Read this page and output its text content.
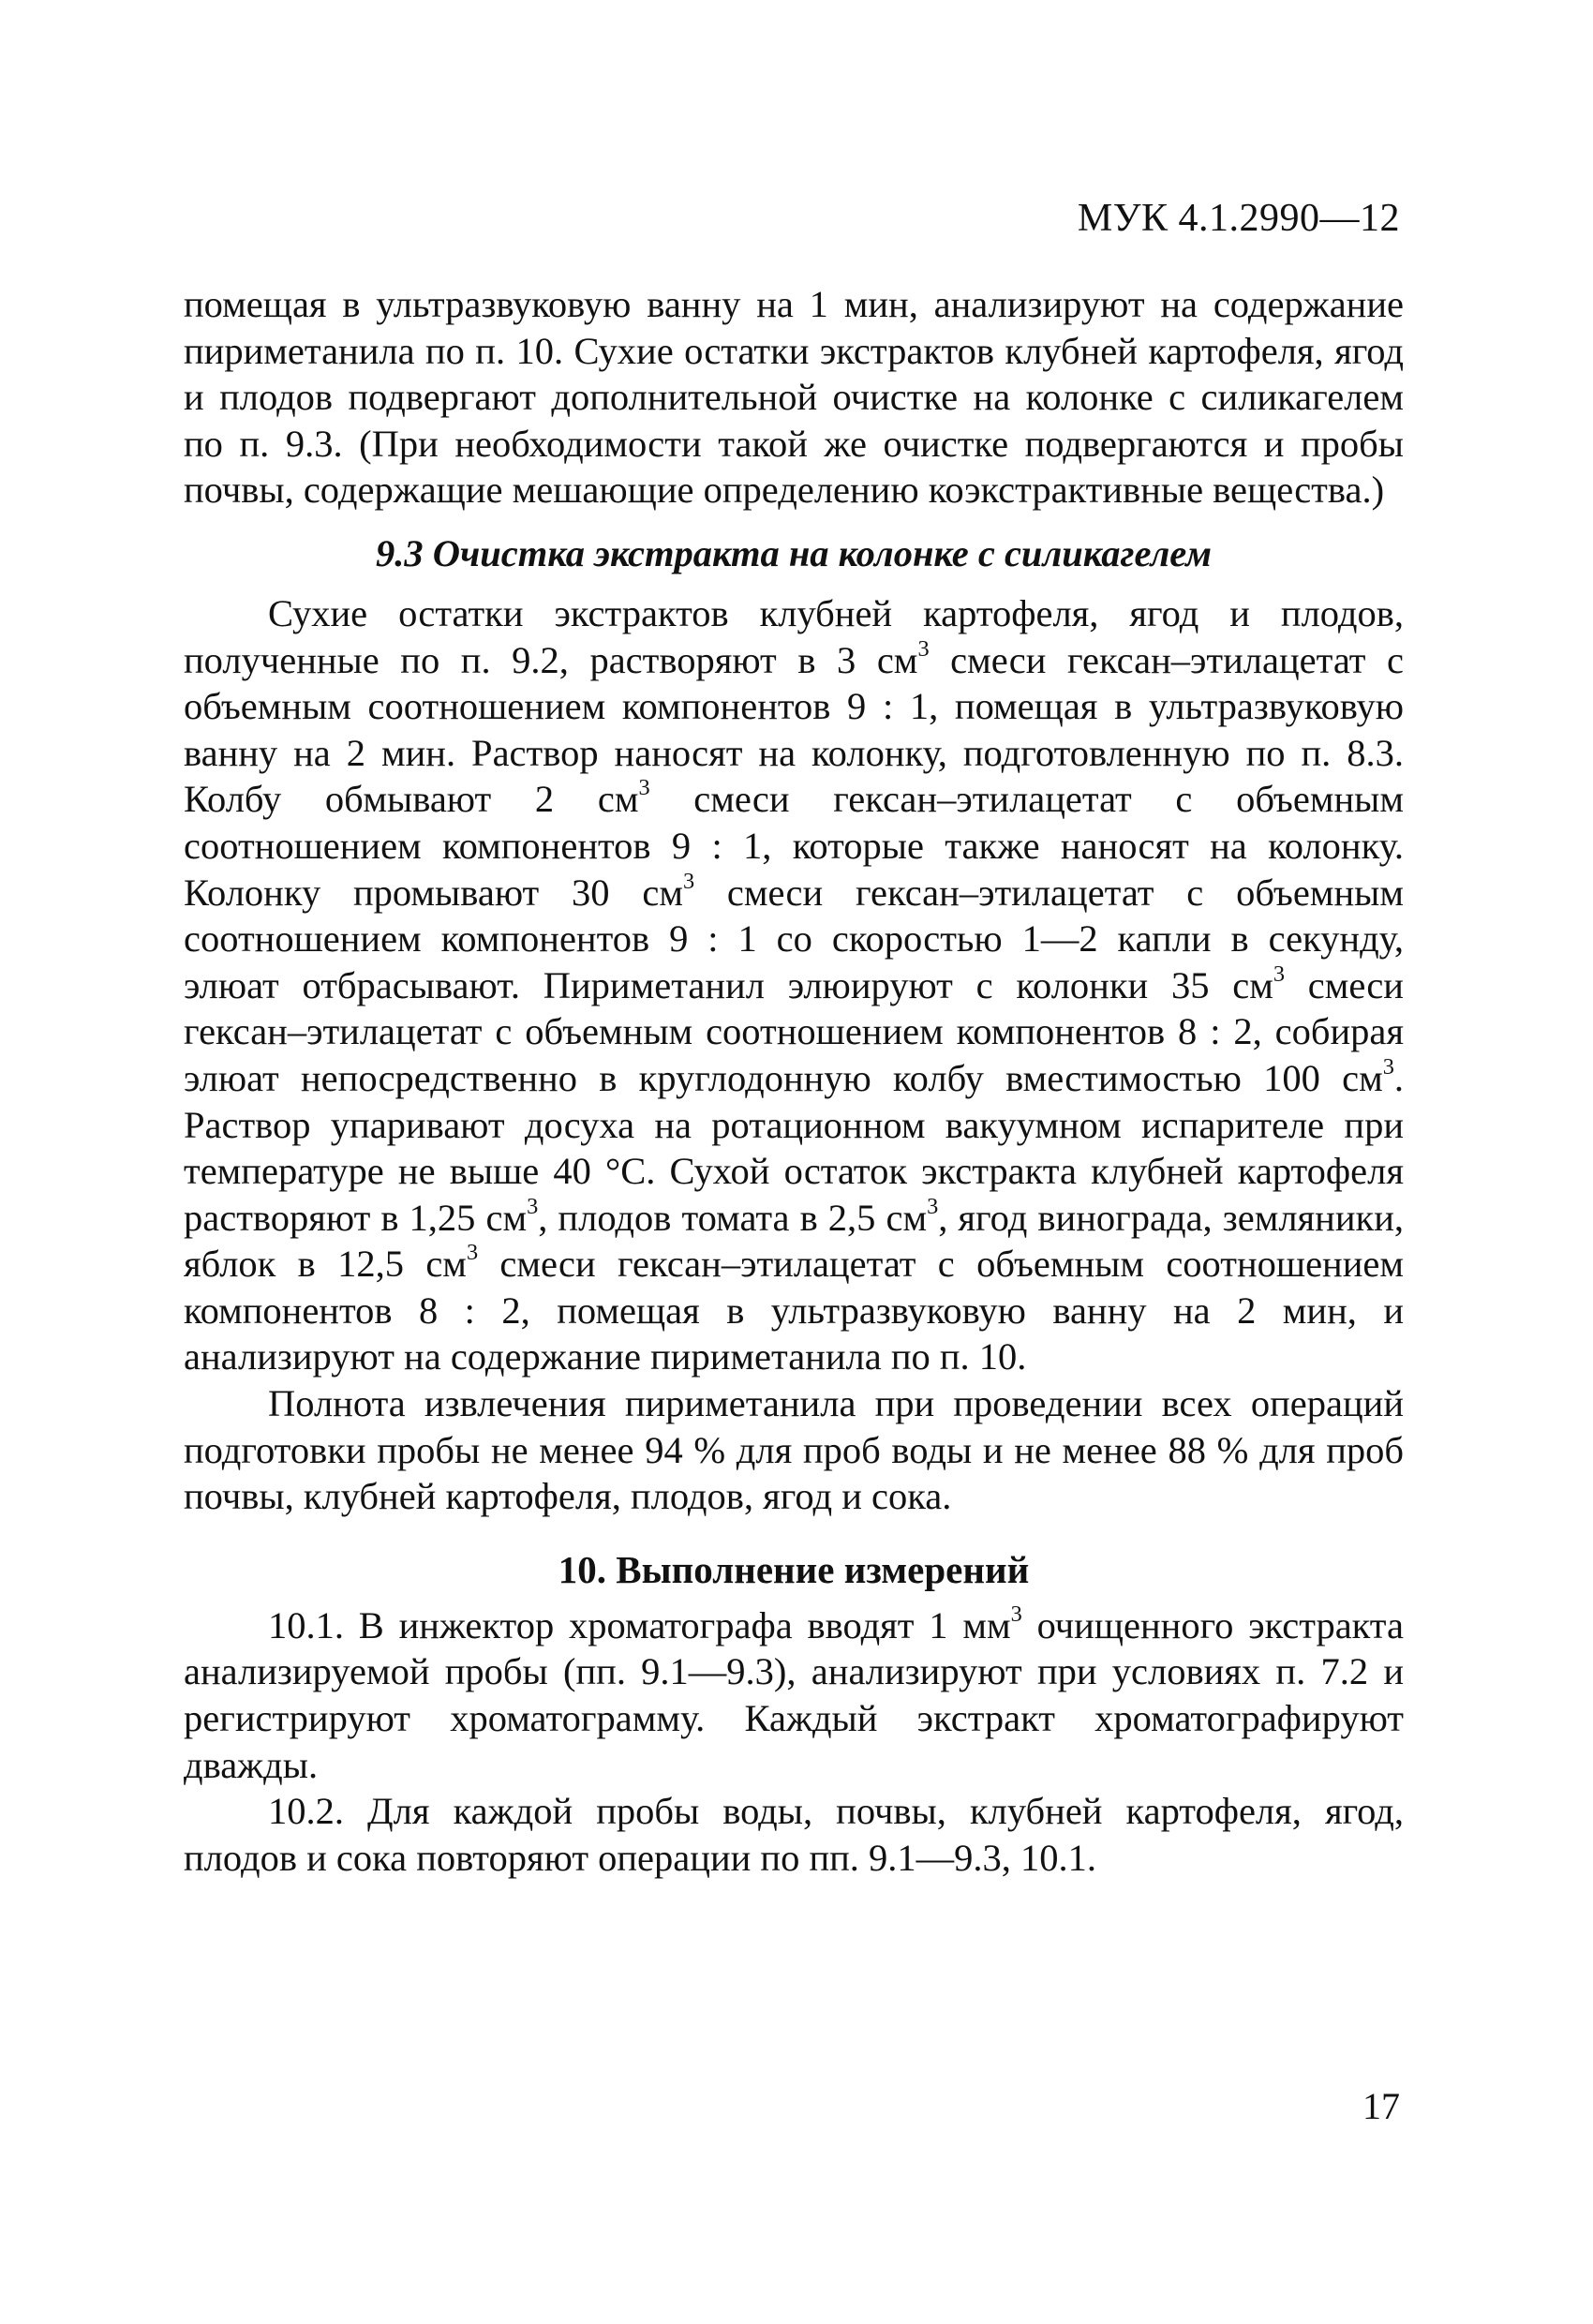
МУК 4.1.2990—12

помещая в ультразвуковую ванну на 1 мин, анализируют на содержание пириметанила по п. 10. Сухие остатки экстрактов клубней картофеля, ягод и плодов подвергают дополнительной очистке на колонке с силикагелем по п. 9.3. (При необходимости такой же очистке подвергаются и пробы почвы, содержащие мешающие определению коэкстрактивные вещества.)

9.3 Очистка экстракта на колонке с силикагелем

Сухие остатки экстрактов клубней картофеля, ягод и плодов, полученные по п. 9.2, растворяют в 3 $см^3$ смеси гексан–этилацетат с объемным соотношением компонентов 9 : 1, помещая в ультразвуковую ванну на 2 мин. Раствор наносят на колонку, подготовленную по п. 8.3. Колбу обмывают 2 $см^3$ смеси гексан–этилацетат с объемным соотношением компонентов 9 : 1, которые также наносят на колонку. Колонку промывают 30 $см^3$ смеси гексан–этилацетат с объемным соотношением компонентов 9 : 1 со скоростью 1—2 капли в секунду, элюат отбрасывают. Пириметанил элюируют с колонки 35 $см^3$ смеси гексан–этилацетат с объемным соотношением компонентов 8 : 2, собирая элюат непосредственно в круглодонную колбу вместимостью 100 $см^3$. Раствор упаривают досуха на ротационном вакуумном испарителе при температуре не выше 40 °С. Сухой остаток экстракта клубней картофеля растворяют в 1,25 $см^3$, плодов томата в 2,5 $см^3$, ягод винограда, земляники, яблок в 12,5 $см^3$ смеси гексан–этилацетат с объемным соотношением компонентов 8 : 2, помещая в ультразвуковую ванну на 2 мин, и анализируют на содержание пириметанила по п. 10.

Полнота извлечения пириметанила при проведении всех операций подготовки пробы не менее 94 % для проб воды и не менее 88 % для проб почвы, клубней картофеля, плодов, ягод и сока.

10. Выполнение измерений

10.1. В инжектор хроматографа вводят 1 $мм^3$ очищенного экстракта анализируемой пробы (пп. 9.1—9.3), анализируют при условиях п. 7.2 и регистрируют хроматограмму. Каждый экстракт хроматографируют дважды.

10.2. Для каждой пробы воды, почвы, клубней картофеля, ягод, плодов и сока повторяют операции по пп. 9.1—9.3, 10.1.

17
